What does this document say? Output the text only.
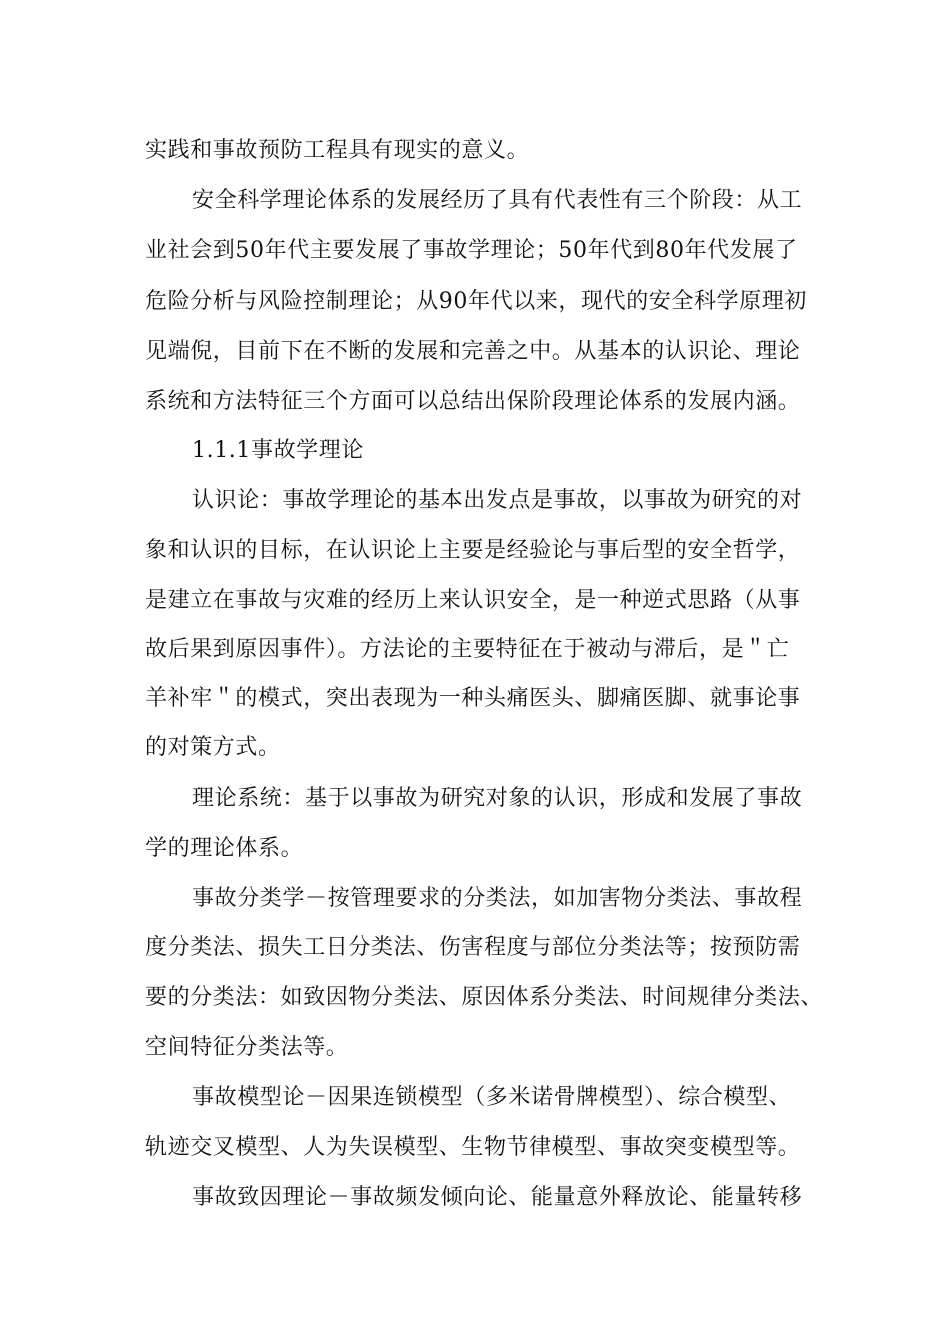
实践和事故预防工程具有现实的意义。
安全科学理论体系的发展经历了具有代表性有三个阶段：从工
业社会到50年代主要发展了事故学理论；50年代到80年代发展了
危险分析与风险控制理论；从90年代以来，现代的安全科学原理初
见端倪，目前下在不断的发展和完善之中。从基本的认识论、理论
系统和方法特征三个方面可以总结出保阶段理论体系的发展内涵。
1.1.1事故学理论
认识论：事故学理论的基本出发点是事故，以事故为研究的对
象和认识的目标，在认识论上主要是经验论与事后型的安全哲学，
是建立在事故与灾难的经历上来认识安全，是一种逆式思路（从事
故后果到原因事件）。方法论的主要特征在于被动与滞后，是＂亡
羊补牢＂的模式，突出表现为一种头痛医头、脚痛医脚、就事论事
的对策方式。
理论系统：基于以事故为研究对象的认识，形成和发展了事故
学的理论体系。
事故分类学－按管理要求的分类法，如加害物分类法、事故程
度分类法、损失工日分类法、伤害程度与部位分类法等；按预防需
要的分类法：如致因物分类法、原因体系分类法、时间规律分类法、
空间特征分类法等。
事故模型论－因果连锁模型（多米诺骨牌模型）、综合模型、
轨迹交叉模型、人为失误模型、生物节律模型、事故突变模型等。
事故致因理论－事故频发倾向论、能量意外释放论、能量转移
